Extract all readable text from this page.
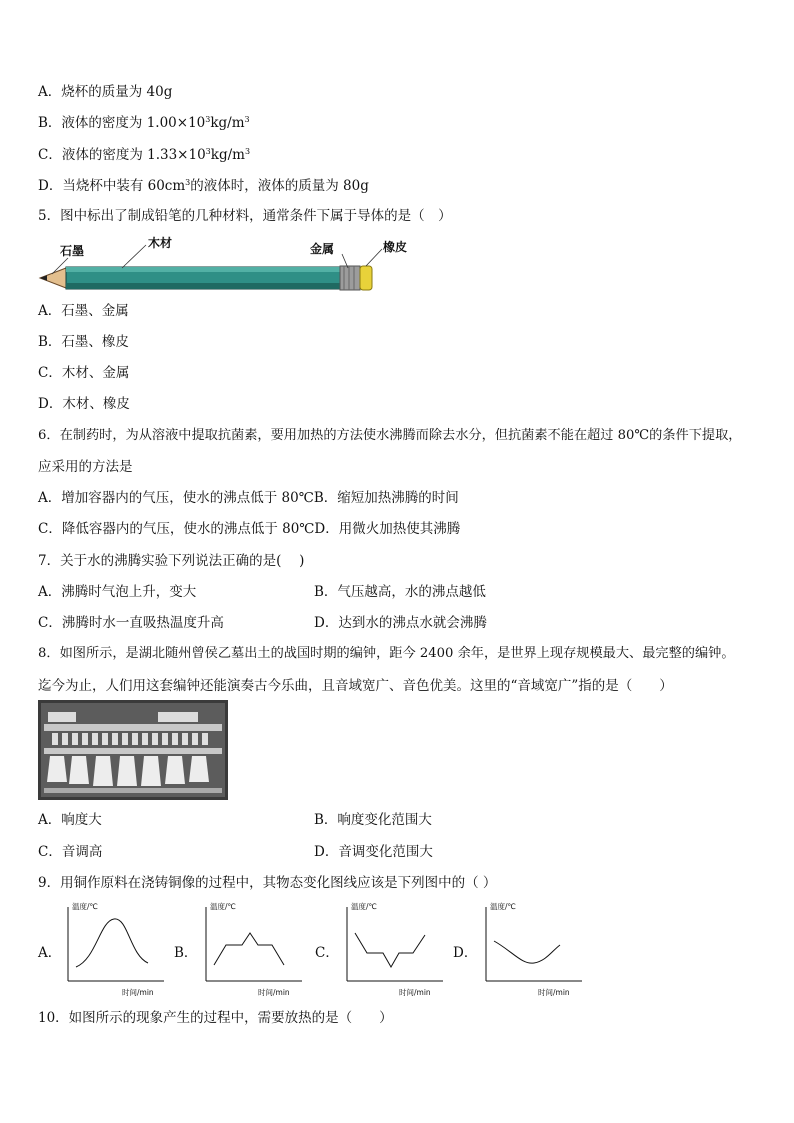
A．烧杯的质量为 40g
B．液体的密度为 $1.00\times 10^3kg/m^3$
C．液体的密度为 $1.33\times 10^3kg/m^3$
D．当烧杯中装有 $60cm^3$的液体时，液体的质量为 80g
5．图中标出了制成铅笔的几种材料，通常条件下属于导体的是（　）
石墨
木材	金属	橡皮
A．石墨、金属
B．石墨、橡皮
C．木材、金属
D．木材、橡皮
6．在制药时，为从溶液中提取抗菌素，要用加热的方法使水沸腾而除去水分，但抗菌素不能在超过 80℃的条件下提取，
应采用的方法是
A．增加容器内的气压，使水的沸点低于 80℃B．缩短加热沸腾的时间
C．降低容器内的气压，使水的沸点低于 80℃D．用微火加热使其沸腾
7．关于水的沸腾实验下列说法正确的是(　 )
A．沸腾时气泡上升，变大	B．气压越高，水的沸点越低
C．沸腾时水一直吸热温度升高	D．达到水的沸点水就会沸腾
8．如图所示，是湖北随州曾侯乙墓出土的战国时期的编钟，距今 2400 余年，是世界上现存规模最大、最完整的编钟。
迄今为止，人们用这套编钟还能演奏古今乐曲，且音域宽广、音色优美。这里的“音域宽广”指的是（　　）
A．响度大	B．响度变化范围大
C．音调高	D．音调变化范围大
9．用铜作原料在浇铸铜像的过程中，其物态变化图线应该是下列图中的（ ）
A．	B．	C．	D．
温度/℃
时间/min
温度/℃
时间/min
温度/℃
时间/min
温度/℃
时间/min
10．如图所示的现象产生的过程中，需要放热的是（　　）
